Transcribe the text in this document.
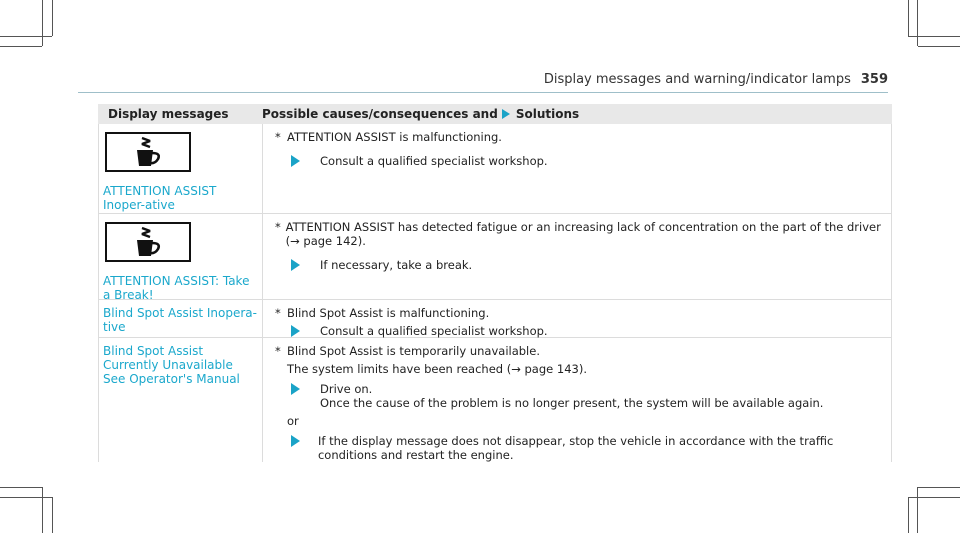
Display messages and warning/indicator lamps 359
Display messages	Possible causes/consequences and Solutions
ATTENTION ASSIST Inoper-ative
* ATTENTION ASSIST is malfunctioning.
Consult a qualified specialist workshop.
ATTENTION ASSIST: Take a Break!
* ATTENTION ASSIST has detected fatigue or an increasing lack of concentration on the part of the driver (→ page 142).
If necessary, take a break.
Blind Spot Assist Inopera-tive
* Blind Spot Assist is malfunctioning.
Consult a qualified specialist workshop.
Blind Spot Assist Currently Unavailable See Operator's Manual
* Blind Spot Assist is temporarily unavailable.
The system limits have been reached (→ page 143).
Drive on.
Once the cause of the problem is no longer present, the system will be available again.
or
If the display message does not disappear, stop the vehicle in accordance with the traffic conditions and restart the engine.
